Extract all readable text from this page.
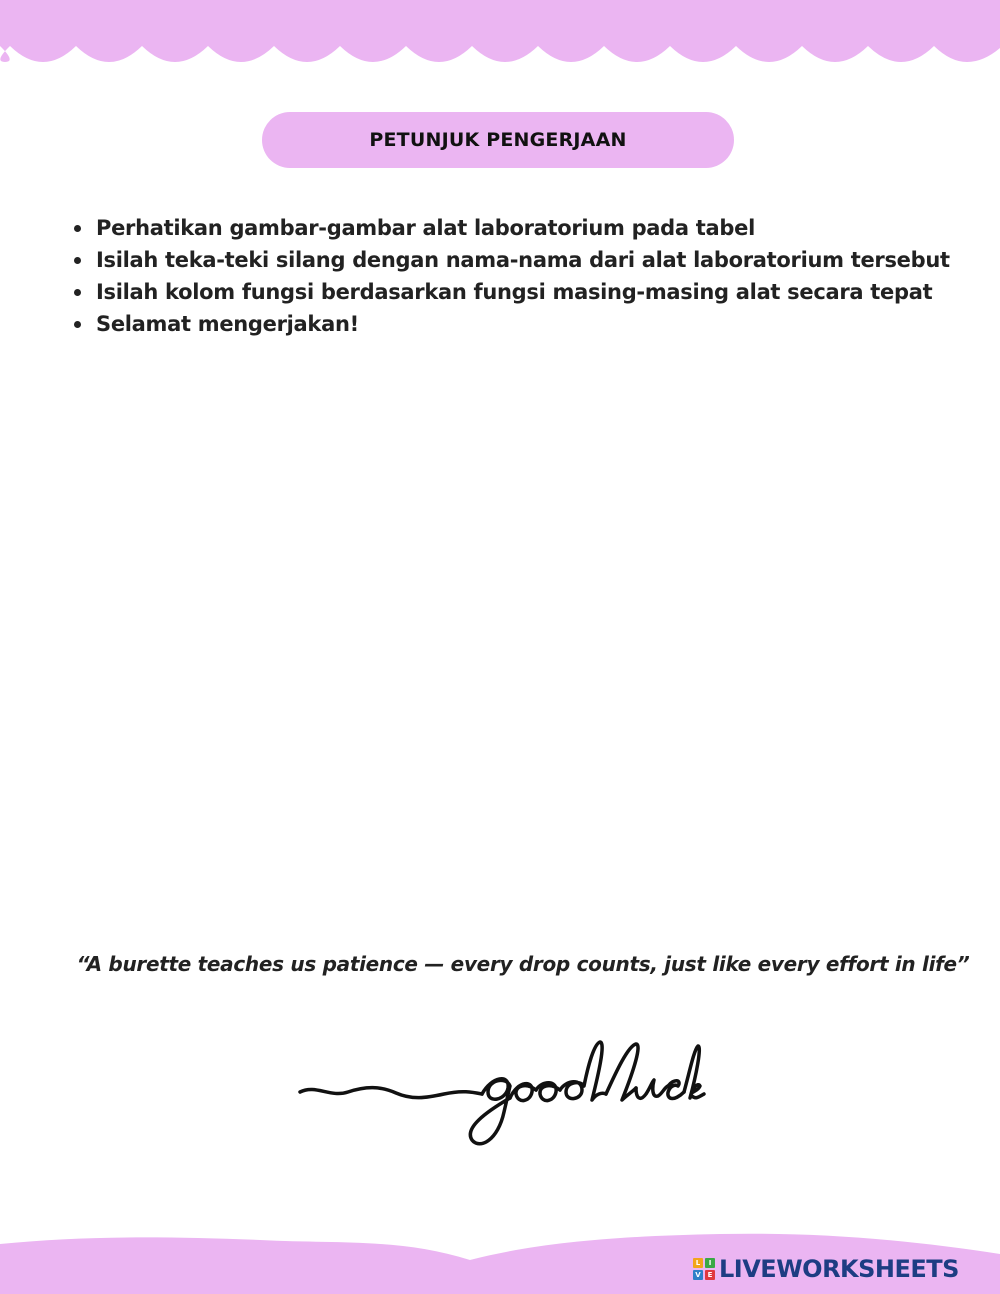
PETUNJUK PENGERJAAN
Perhatikan gambar-gambar alat laboratorium pada tabel
Isilah teka-teki silang dengan nama-nama dari alat laboratorium tersebut
Isilah kolom fungsi berdasarkan fungsi masing-masing alat secara tepat
Selamat mengerjakan!
“A burette teaches us patience — every drop counts, just like every effort in life”
L	I
V E LIVEWORKSHEETS
